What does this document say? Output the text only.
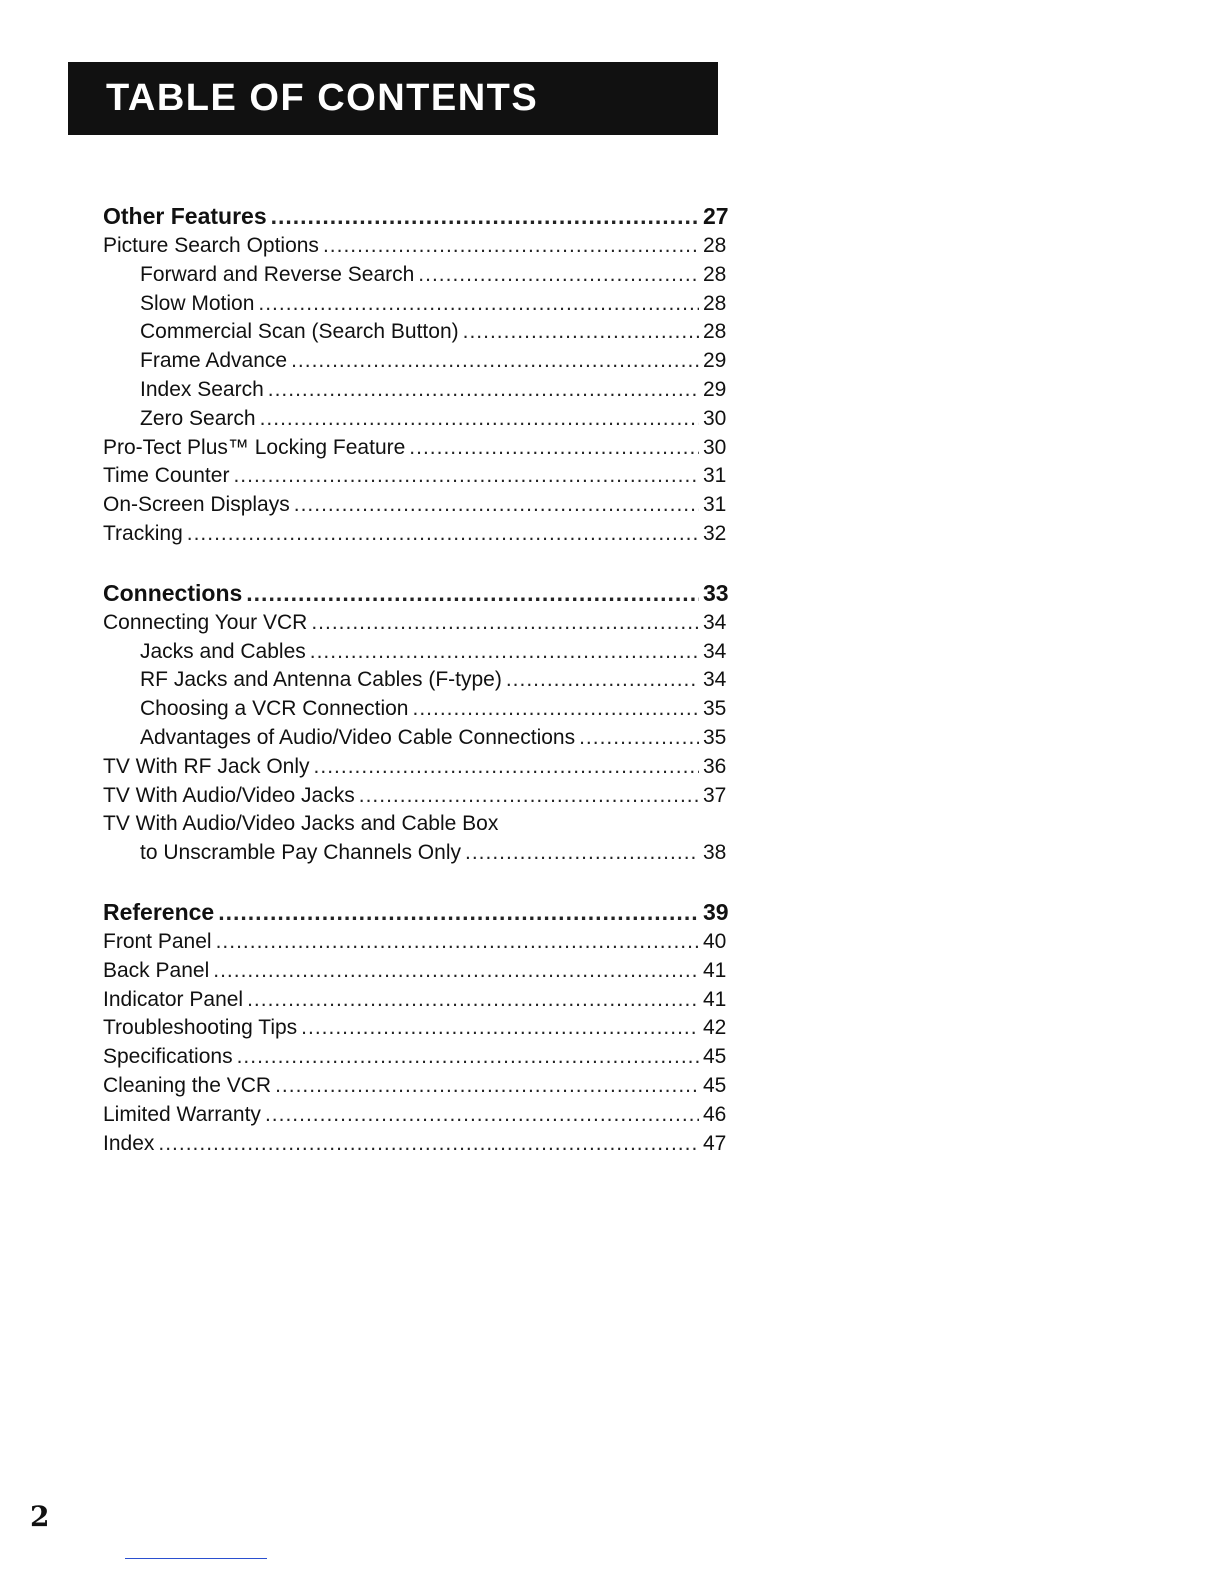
TABLE OF CONTENTS
Other Features .....	27
Picture Search Options .....	28
Forward and Reverse Search .....	28
Slow Motion .....	28
Commercial Scan (Search Button) .....	28
Frame Advance .....	29
Index Search .....	29
Zero Search .....	30
Pro-Tect Plus™ Locking Feature .....	30
Time Counter .....	31
On-Screen Displays .....	31
Tracking .....	32
Connections .....	33
Connecting Your VCR .....	34
Jacks and Cables .....	34
RF Jacks and Antenna Cables (F-type) .....	34
Choosing a VCR Connection .....	35
Advantages of Audio/Video Cable Connections .....	35
TV With RF Jack Only .....	36
TV With Audio/Video Jacks .....	37
TV With Audio/Video Jacks and Cable Box
to Unscramble Pay Channels Only .....	38
Reference .....	39
Front Panel .....	40
Back Panel .....	41
Indicator Panel .....	41
Troubleshooting Tips .....	42
Specifications .....	45
Cleaning the VCR .....	45
Limited Warranty .....	46
Index .....	47
2
